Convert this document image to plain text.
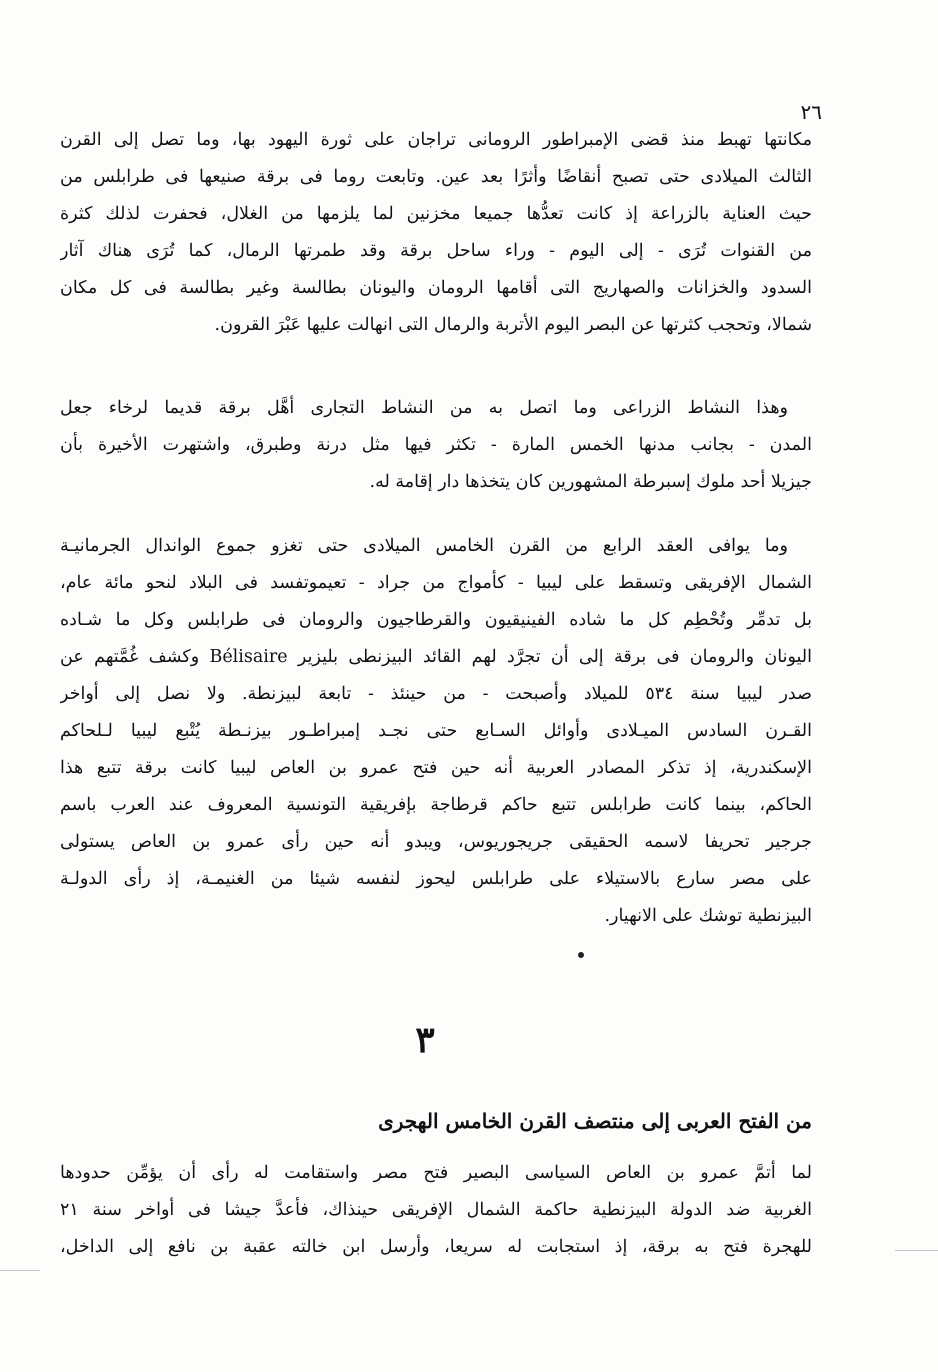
٢٦
مكانتها تهبط منذ قضى الإمبراطور الرومانى تراجان على ثورة اليهود بها، وما تصل إلى القرن
الثالث الميلادى حتى تصبح أنقاضًا وأثرًا بعد عين. وتابعت روما فى برقة صنيعها فى طرابلس من
حيث العناية بالزراعة إذ كانت تعدُّها جميعا مخزنين لما يلزمها من الغلال، فحفرت لذلك كثرة
من القنوات تُرَى - إلى اليوم - وراء ساحل برقة وقد طمرتها الرمال، كما تُرَى هناك آثار
السدود والخزانات والصهاريج التى أقامها الرومان واليونان بطالسة وغير بطالسة فى كل مكان
شمالا، وتحجب كثرتها عن البصر اليوم الأتربة والرمال التى انهالت عليها عَبْرَ القرون.
وهذا النشاط الزراعى وما اتصل به من النشاط التجارى أهَّل برقة قديما لرخاء جعل
المدن - بجانب مدنها الخمس المارة - تكثر فيها مثل درنة وطبرق، واشتهرت الأخيرة بأن
جيزيلا أحد ملوك إسبرطة المشهورين كان يتخذها دار إقامة له.
وما يوافى العقد الرابع من القرن الخامس الميلادى حتى تغزو جموع الواندال الجرمانيـة
الشمال الإفريقى وتسقط على ليبيا - كأمواج من جراد - تعيموتفسد فى البلاد لنحو مائة عام،
بل تدمِّر وتُحْطِم كل ما شاده الفينيقيون والقرطاجيون والرومان فى طرابلس وكل ما شـاده
اليونان والرومان فى برقة إلى أن تجرَّد لهم القائد البيزنطى بليزير Bélisaire وكشف غُمَّتهم عن
صدر ليبيا سنة ٥٣٤ للميلاد وأصبحت - من حينئذ - تابعة لبيزنطة. ولا نصل إلى أواخر
القـرن السادس الميـلادى وأوائل السـابع حتى نجـد إمبراطـور بيزنـطة يُتْبع ليبيا لـلحاكم
الإسكندرية، إذ تذكر المصادر العربية أنه حين فتح عمرو بن العاص ليبيا كانت برقة تتبع هذا
الحاكم، بينما كانت طرابلس تتبع حاكم قرطاجة بإفريقية التونسية المعروف عند العرب باسم
جرجير تحريفا لاسمه الحقيقى جريجوريوس، ويبدو أنه حين رأى عمرو بن العاص يستولى
على مصر سارع بالاستيلاء على طرابلس ليحوز لنفسه شيئا من الغنيمـة، إذ رأى الدولـة
البيزنطية توشك على الانهيار.
٣
من الفتح العربى إلى منتصف القرن الخامس الهجرى
لما أتمَّ عمرو بن العاص السياسى البصير فتح مصر واستقامت له رأى أن يؤمِّن حدودها
الغربية ضد الدولة البيزنطية حاكمة الشمال الإفريقى حينذاك، فأعدَّ جيشا فى أواخر سنة ٢١
للهجرة فتح به برقة، إذ استجابت له سريعا، وأرسل ابن خالته عقبة بن نافع إلى الداخل،
